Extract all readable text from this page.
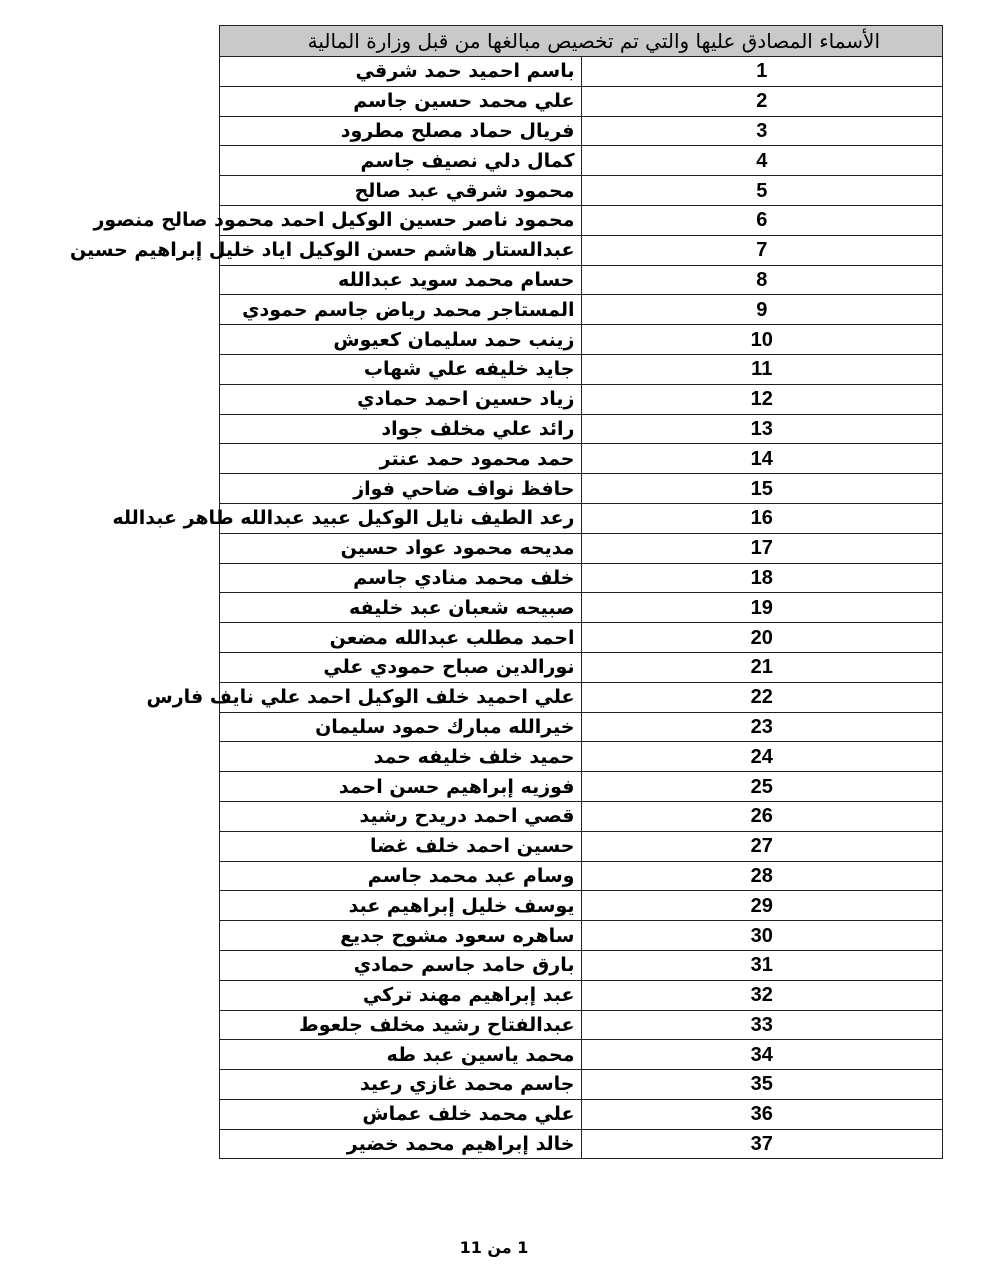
الأسماء المصادق عليها والتي تم تخصيص مبالغها من قبل وزارة المالية	
1	باسم احميد حمد شرقي
2	علي محمد حسين جاسم
3	فريال حماد مصلح مطرود
4	كمال دلي نصيف جاسم
5	محمود شرقي عبد صالح
6	محمود ناصر حسين الوكيل احمد محمود صالح منصور
7	عبدالستار هاشم حسن الوكيل اياد خليل إبراهيم حسين
8	حسام محمد سويد عبدالله
9	المستاجر محمد رياض جاسم حمودي
10	زينب حمد سليمان كعيوش
11	جايد خليفه علي شهاب
12	زياد حسين احمد حمادي
13	رائد علي مخلف جواد
14	حمد محمود حمد عنتر
15	حافظ نواف ضاحي فواز
16	رعد الطيف نايل الوكيل عبيد عبدالله طاهر عبدالله
17	مديحه محمود عواد حسين
18	خلف محمد منادي جاسم
19	صبيحه شعبان عبد خليفه
20	احمد مطلب عبدالله مضعن
21	نورالدين صباح حمودي علي
22	علي احميد خلف الوكيل احمد علي نايف فارس
23	خيرالله مبارك حمود سليمان
24	حميد خلف خليفه حمد
25	فوزيه إبراهيم حسن احمد
26	قصي احمد دريدح رشيد
27	حسين احمد خلف غضا
28	وسام عبد محمد جاسم
29	يوسف خليل إبراهيم عبد
30	ساهره سعود مشوح جديع
31	بارق حامد جاسم حمادي
32	عبد إبراهيم مهند تركي
33	عبدالفتاح رشيد مخلف جلعوط
34	محمد ياسين عبد طه
35	جاسم محمد غازي رعيد
36	علي محمد خلف عماش
37	خالد إبراهيم محمد خضير
1 من 11
